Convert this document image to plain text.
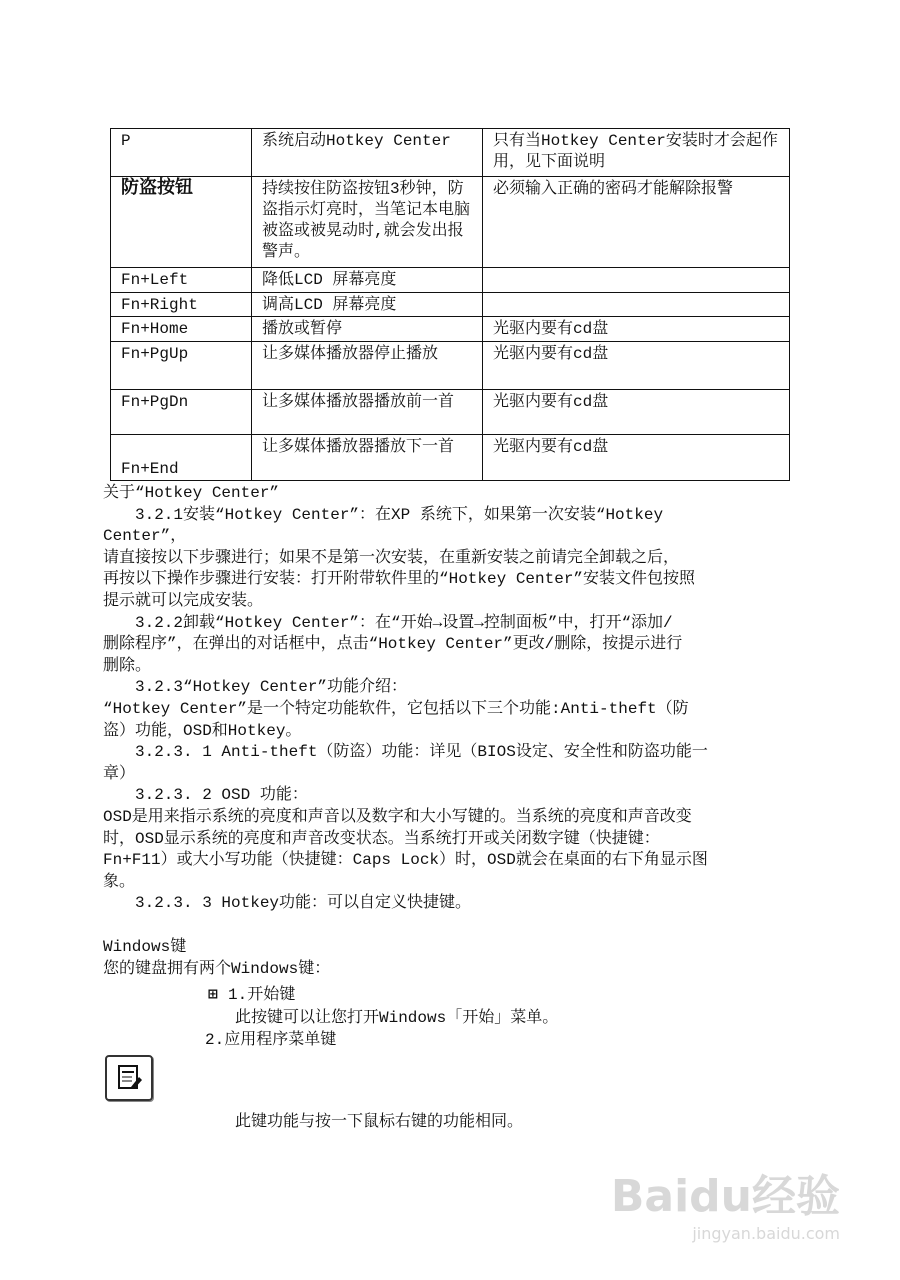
P	系统启动Hotkey Center	只有当Hotkey Center安装时才会起作用，见下面说明
防盗按钮	持续按住防盗按钮3秒钟，防盗指示灯亮时，当笔记本电脑被盗或被晃动时,就会发出报警声。	必须输入正确的密码才能解除报警
Fn+Left	降低LCD 屏幕亮度	
Fn+Right	调高LCD 屏幕亮度	
Fn+Home	播放或暂停	光驱内要有cd盘
Fn+PgUp	让多媒体播放器停止播放	光驱内要有cd盘
Fn+PgDn	让多媒体播放器播放前一首	光驱内要有cd盘
Fn+End	让多媒体播放器播放下一首	光驱内要有cd盘
关于“Hotkey Center”
　　3.2.1安装“Hotkey Center”：在XP 系统下，如果第一次安装“Hotkey
Center”，
请直接按以下步骤进行；如果不是第一次安装，在重新安装之前请完全卸载之后，
再按以下操作步骤进行安装：打开附带软件里的“Hotkey Center”安装文件包按照
提示就可以完成安装。
　　3.2.2卸载“Hotkey Center”：在“开始→设置→控制面板”中，打开“添加/
删除程序”，在弹出的对话框中，点击“Hotkey Center”更改/删除，按提示进行
删除。
　　3.2.3“Hotkey Center”功能介绍：
“Hotkey Center”是一个特定功能软件，它包括以下三个功能:Anti-theft（防
盗）功能，OSD和Hotkey。
　　3.2.3. 1 Anti-theft（防盗）功能：详见（BIOS设定、安全性和防盗功能一
章）
　　3.2.3. 2 OSD 功能：
OSD是用来指示系统的亮度和声音以及数字和大小写键的。当系统的亮度和声音改变
时，OSD显示系统的亮度和声音改变状态。当系统打开或关闭数字键（快捷键：
Fn+F11）或大小写功能（快捷键：Caps Lock）时，OSD就会在桌面的右下角显示图
象。
　　3.2.3. 3 Hotkey功能：可以自定义快捷键。
Windows键
您的键盘拥有两个Windows键：
⊞ 1.开始键
此按键可以让您打开Windows「开始」菜单。
2.应用程序菜单键
此键功能与按一下鼠标右键的功能相同。
Baidu经验
jingyan.baidu.com
